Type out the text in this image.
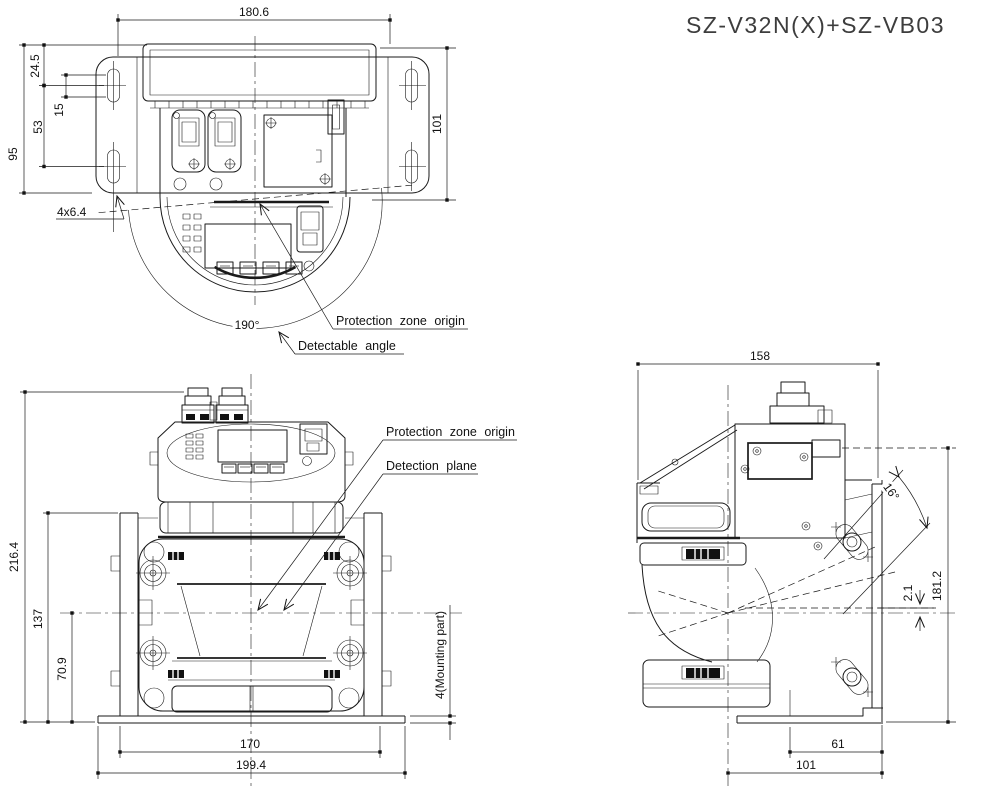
SZ-V32N(X)+SZ-VB03
190°	Protection zone origin
Detectable angle
180.6
95
24.5
15
53	101
4x6.4
Protection zone origin
Detection plane
216.4
137
70.9
170
199.4
4(Mounting part)
16°
158
181.2
2.1
61
101
